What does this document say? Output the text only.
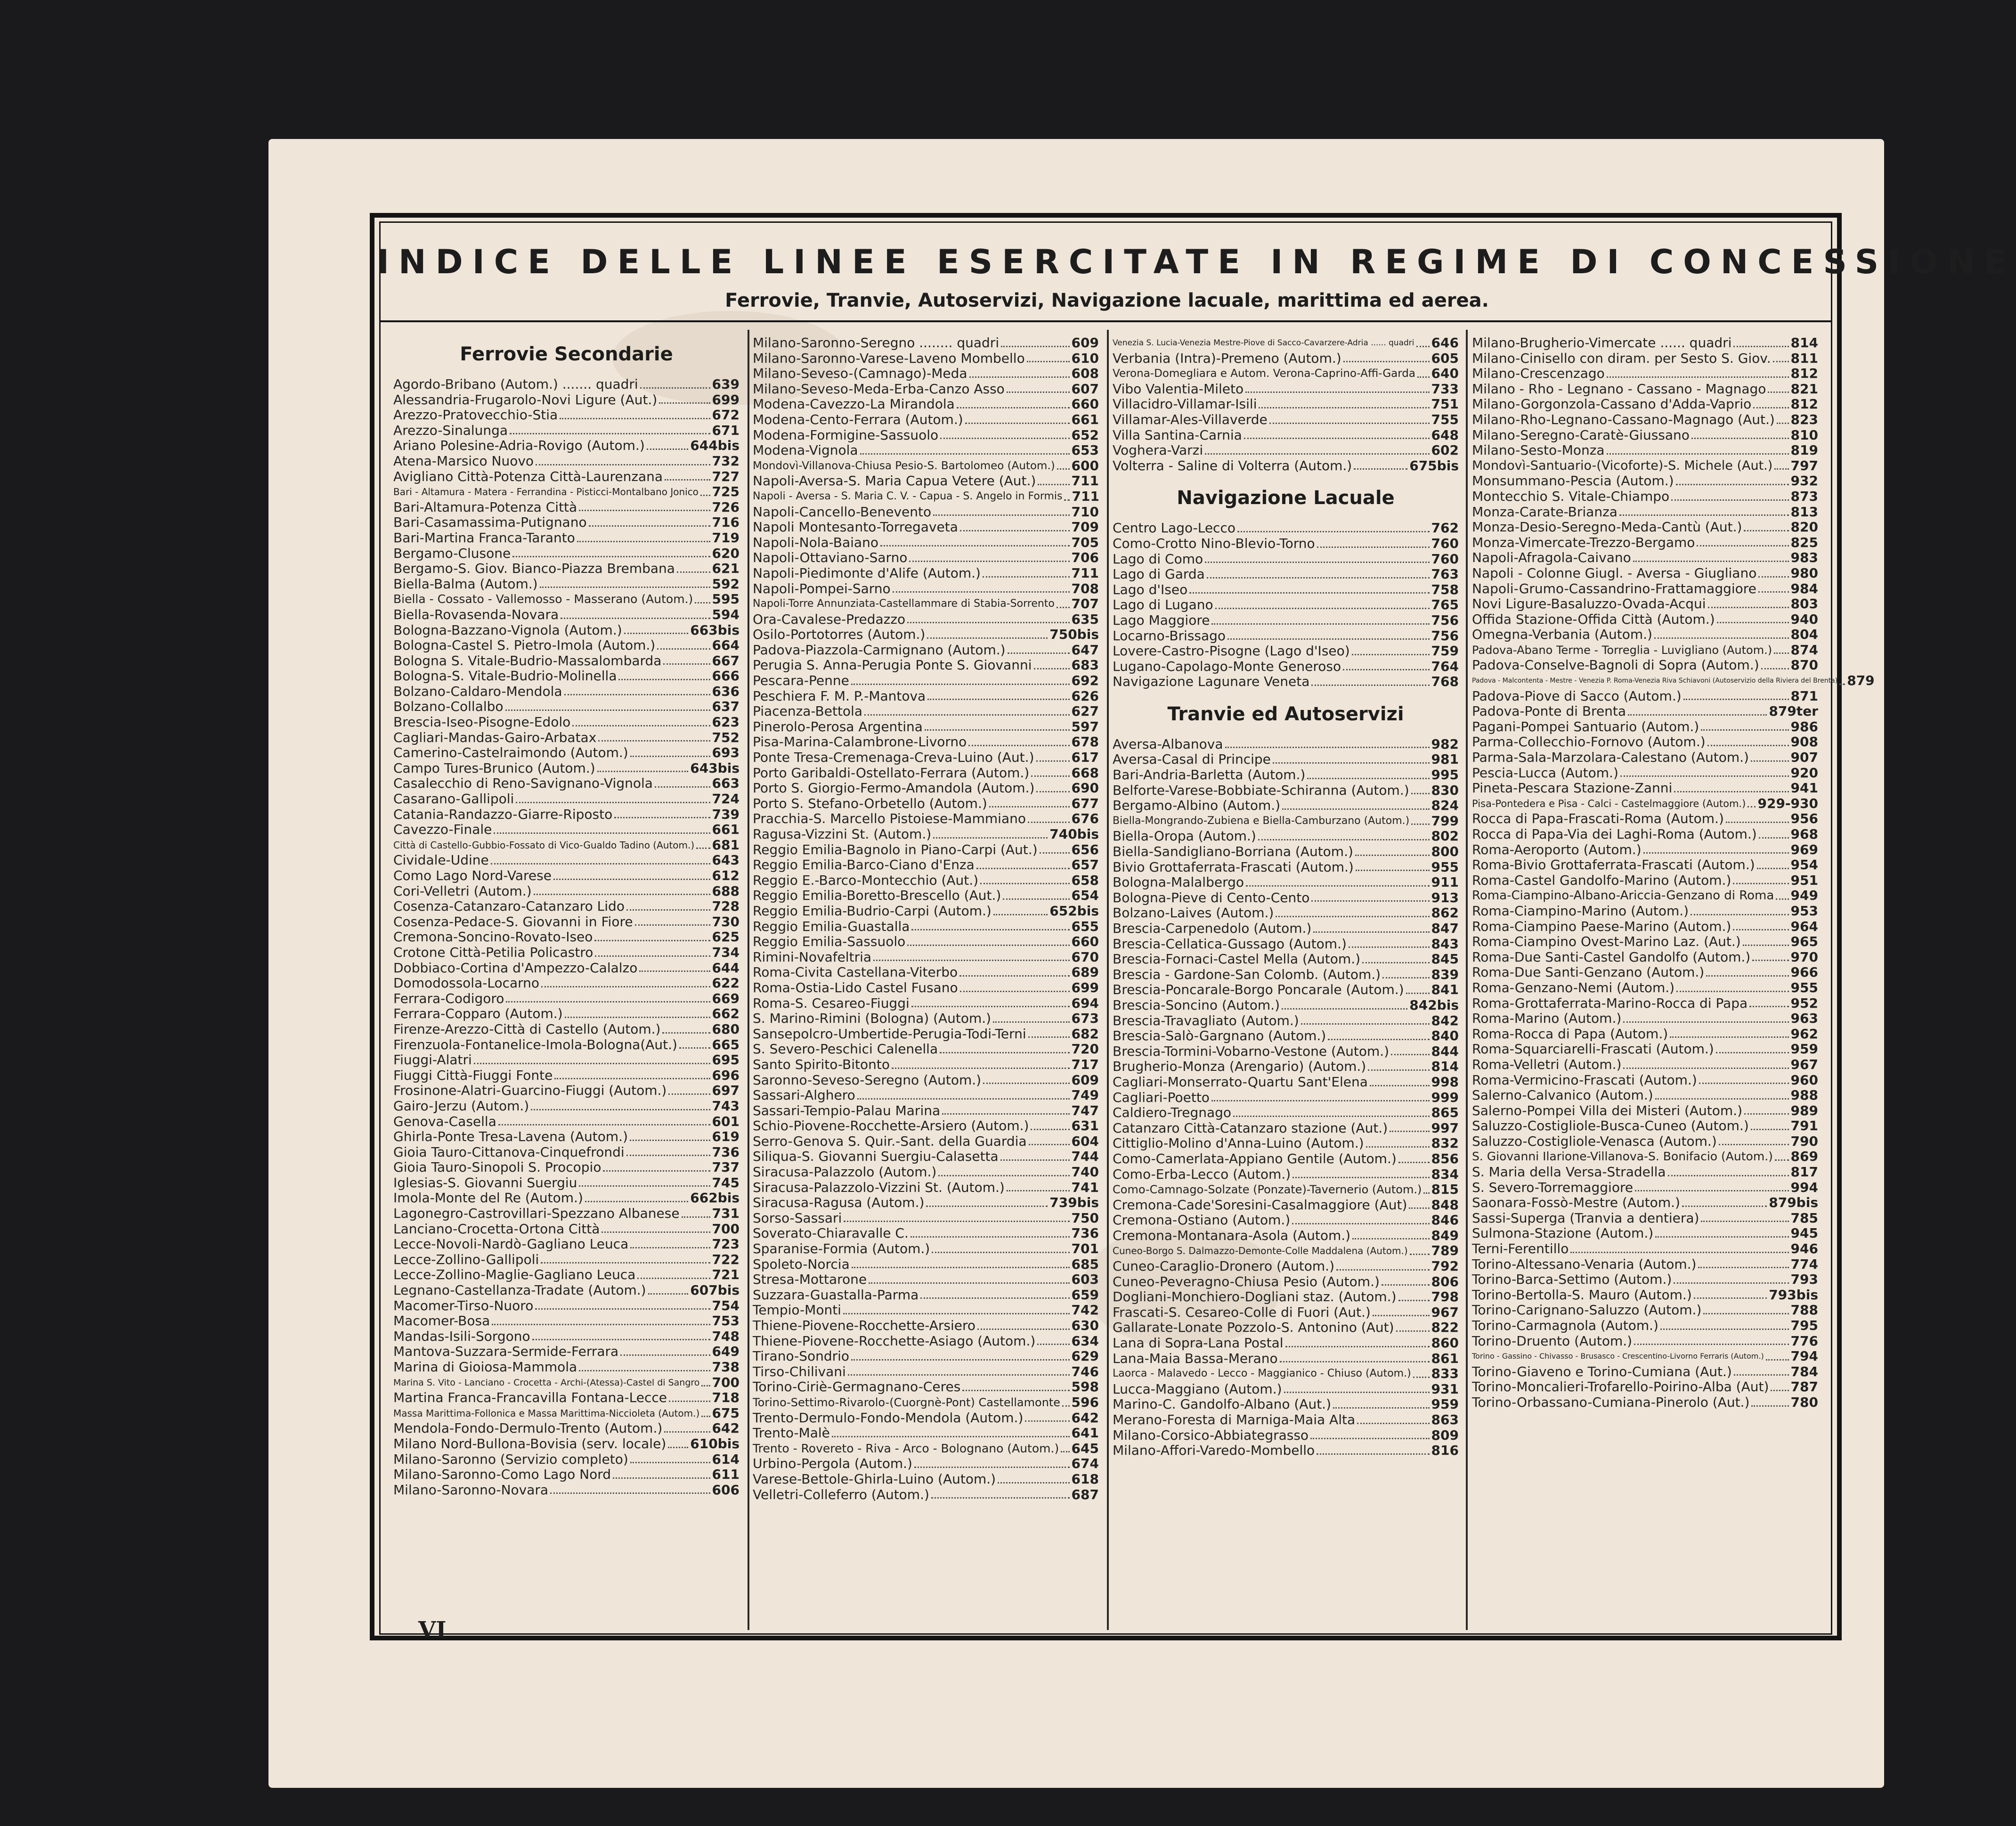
INDICE DELLE LINEE ESERCITATE IN REGIME DI CONCESSIONE
Ferrovie, Tranvie, Autoservizi, Navigazione lacuale, marittima ed aerea.
Ferrovie Secondarie
Agordo-Bribano (Autom.) ....... quadri	639
Alessandria-Frugarolo-Novi Ligure (Aut.)	699
Arezzo-Pratovecchio-Stia	672
Arezzo-Sinalunga	671
Ariano Polesine-Adria-Rovigo (Autom.)	644bis
Atena-Marsico Nuovo	732
Avigliano Città-Potenza Città-Laurenzana	727
Bari - Altamura - Matera - Ferrandina - Pisticci-Montalbano Jonico 725
Bari-Altamura-Potenza Città	726
Bari-Casamassima-Putignano	716
Bari-Martina Franca-Taranto	719
Bergamo-Clusone	620
Bergamo-S. Giov. Bianco-Piazza Brembana	621
Biella-Balma (Autom.)	592
Biella - Cossato - Vallemosso - Masserano (Autom.) 595
Biella-Rovasenda-Novara	594
Bologna-Bazzano-Vignola (Autom.)	663bis
Bologna-Castel S. Pietro-Imola (Autom.)	664
Bologna S. Vitale-Budrio-Massalombarda	667
Bologna-S. Vitale-Budrio-Molinella	666
Bolzano-Caldaro-Mendola	636
Bolzano-Collalbo	637
Brescia-Iseo-Pisogne-Edolo	623
Cagliari-Mandas-Gairo-Arbatax	752
Camerino-Castelraimondo (Autom.)	693
Campo Tures-Brunico (Autom.)	643bis
Casalecchio di Reno-Savignano-Vignola	663
Casarano-Gallipoli	724
Catania-Randazzo-Giarre-Riposto	739
Cavezzo-Finale	661
Città di Castello-Gubbio-Fossato di Vico-Gualdo Tadino (Autom.) 681
Cividale-Udine	643
Como Lago Nord-Varese	612
Cori-Velletri (Autom.)	688
Cosenza-Catanzaro-Catanzaro Lido	728
Cosenza-Pedace-S. Giovanni in Fiore	730
Cremona-Soncino-Rovato-Iseo	625
Crotone Città-Petilia Policastro	734
Dobbiaco-Cortina d'Ampezzo-Calalzo	644
Domodossola-Locarno	622
Ferrara-Codigoro	669
Ferrara-Copparo (Autom.)	662
Firenze-Arezzo-Città di Castello (Autom.)	680
Firenzuola-Fontanelice-Imola-Bologna(Aut.)	665
Fiuggi-Alatri	695
Fiuggi Città-Fiuggi Fonte	696
Frosinone-Alatri-Guarcino-Fiuggi (Autom.)	697
Gairo-Jerzu (Autom.)	743
Genova-Casella	601
Ghirla-Ponte Tresa-Lavena (Autom.)	619
Gioia Tauro-Cittanova-Cinquefrondi	736
Gioia Tauro-Sinopoli S. Procopio	737
Iglesias-S. Giovanni Suergiu	745
Imola-Monte del Re (Autom.)	662bis
Lagonegro-Castrovillari-Spezzano Albanese 731
Lanciano-Crocetta-Ortona Città	700
Lecce-Novoli-Nardò-Gagliano Leuca	723
Lecce-Zollino-Gallipoli	722
Lecce-Zollino-Maglie-Gagliano Leuca	721
Legnano-Castellanza-Tradate (Autom.)	607bis
Macomer-Tirso-Nuoro	754
Macomer-Bosa	753
Mandas-Isili-Sorgono	748
Mantova-Suzzara-Sermide-Ferrara	649
Marina di Gioiosa-Mammola	738
Marina S. Vito - Lanciano - Crocetta - Archi-(Atessa)-Castel di Sangro 700
Martina Franca-Francavilla Fontana-Lecce	718
Massa Marittima-Follonica e Massa Marittima-Niccioleta (Autom.) 675
Mendola-Fondo-Dermulo-Trento (Autom.)	642
Milano Nord-Bullona-Bovisia (serv. locale) 610bis
Milano-Saronno (Servizio completo)	614
Milano-Saronno-Como Lago Nord	611
Milano-Saronno-Novara	606
Milano-Saronno-Seregno ........ quadri	609
Milano-Saronno-Varese-Laveno Mombello	610
Milano-Seveso-(Camnago)-Meda	608
Milano-Seveso-Meda-Erba-Canzo Asso	607
Modena-Cavezzo-La Mirandola	660
Modena-Cento-Ferrara (Autom.)	661
Modena-Formigine-Sassuolo	652
Modena-Vignola	653
Mondovì-Villanova-Chiusa Pesio-S. Bartolomeo (Autom.) 600
Napoli-Aversa-S. Maria Capua Vetere (Aut.)	711
Napoli - Aversa - S. Maria C. V. - Capua - S. Angelo in Formis 711
Napoli-Cancello-Benevento	710
Napoli Montesanto-Torregaveta	709
Napoli-Nola-Baiano	705
Napoli-Ottaviano-Sarno	706
Napoli-Piedimonte d'Alife (Autom.)	711
Napoli-Pompei-Sarno	708
Napoli-Torre Annunziata-Castellammare di Stabia-Sorrento 707
Ora-Cavalese-Predazzo	635
Osilo-Portotorres (Autom.)	750bis
Padova-Piazzola-Carmignano (Autom.)	647
Perugia S. Anna-Perugia Ponte S. Giovanni	683
Pescara-Penne	692
Peschiera F. M. P.-Mantova	626
Piacenza-Bettola	627
Pinerolo-Perosa Argentina	597
Pisa-Marina-Calambrone-Livorno	678
Ponte Tresa-Cremenaga-Creva-Luino (Aut.)	617
Porto Garibaldi-Ostellato-Ferrara (Autom.)	668
Porto S. Giorgio-Fermo-Amandola (Autom.)	690
Porto S. Stefano-Orbetello (Autom.)	677
Pracchia-S. Marcello Pistoiese-Mammiano	676
Ragusa-Vizzini St. (Autom.)	740bis
Reggio Emilia-Bagnolo in Piano-Carpi (Aut.)	656
Reggio Emilia-Barco-Ciano d'Enza	657
Reggio E.-Barco-Montecchio (Aut.)	658
Reggio Emilia-Boretto-Brescello (Aut.)	654
Reggio Emilia-Budrio-Carpi (Autom.)	652bis
Reggio Emilia-Guastalla	655
Reggio Emilia-Sassuolo	660
Rimini-Novafeltria	670
Roma-Civita Castellana-Viterbo	689
Roma-Ostia-Lido Castel Fusano	699
Roma-S. Cesareo-Fiuggi	694
S. Marino-Rimini (Bologna) (Autom.)	673
Sansepolcro-Umbertide-Perugia-Todi-Terni	682
S. Severo-Peschici Calenella	720
Santo Spirito-Bitonto	717
Saronno-Seveso-Seregno (Autom.)	609
Sassari-Alghero	749
Sassari-Tempio-Palau Marina	747
Schio-Piovene-Rocchette-Arsiero (Autom.)	631
Serro-Genova S. Quir.-Sant. della Guardia	604
Siliqua-S. Giovanni Suergiu-Calasetta	744
Siracusa-Palazzolo (Autom.)	740
Siracusa-Palazzolo-Vizzini St. (Autom.)	741
Siracusa-Ragusa (Autom.)	739bis
Sorso-Sassari	750
Soverato-Chiaravalle C.	736
Sparanise-Formia (Autom.)	701
Spoleto-Norcia	685
Stresa-Mottarone	603
Suzzara-Guastalla-Parma	659
Tempio-Monti	742
Thiene-Piovene-Rocchette-Arsiero	630
Thiene-Piovene-Rocchette-Asiago (Autom.)	634
Tirano-Sondrio	629
Tirso-Chilivani	746
Torino-Ciriè-Germagnano-Ceres	598
Torino-Settimo-Rivarolo-(Cuorgnè-Pont) Castellamonte 596
Trento-Dermulo-Fondo-Mendola (Autom.)	642
Trento-Malè	641
Trento - Rovereto - Riva - Arco - Bolognano (Autom.) 645
Urbino-Pergola (Autom.)	674
Varese-Bettole-Ghirla-Luino (Autom.)	618
Velletri-Colleferro (Autom.)	687
Venezia S. Lucia-Venezia Mestre-Piove di Sacco-Cavarzere-Adria ...... quadri 646
Verbania (Intra)-Premeno (Autom.)	605
Verona-Domegliara e Autom. Verona-Caprino-Affi-Garda 640
Vibo Valentia-Mileto	733
Villacidro-Villamar-Isili	751
Villamar-Ales-Villaverde	755
Villa Santina-Carnia	648
Voghera-Varzi	602
Volterra - Saline di Volterra (Autom.)	675bis
Navigazione Lacuale
Centro Lago-Lecco	762
Como-Crotto Nino-Blevio-Torno	760
Lago di Como	760
Lago di Garda	763
Lago d'Iseo	758
Lago di Lugano	765
Lago Maggiore	756
Locarno-Brissago	756
Lovere-Castro-Pisogne (Lago d'Iseo)	759
Lugano-Capolago-Monte Generoso	764
Navigazione Lagunare Veneta	768
Tranvie ed Autoservizi
Aversa-Albanova	982
Aversa-Casal di Principe	981
Bari-Andria-Barletta (Autom.)	995
Belforte-Varese-Bobbiate-Schiranna (Autom.) 830
Bergamo-Albino (Autom.)	824
Biella-Mongrando-Zubiena e Biella-Camburzano (Autom.) 799
Biella-Oropa (Autom.)	802
Biella-Sandigliano-Borriana (Autom.)	800
Bivio Grottaferrata-Frascati (Autom.)	955
Bologna-Malalbergo	911
Bologna-Pieve di Cento-Cento	913
Bolzano-Laives (Autom.)	862
Brescia-Carpenedolo (Autom.)	847
Brescia-Cellatica-Gussago (Autom.)	843
Brescia-Fornaci-Castel Mella (Autom.)	845
Brescia - Gardone-San Colomb. (Autom.)	839
Brescia-Poncarale-Borgo Poncarale (Autom.) 841
Brescia-Soncino (Autom.)	842bis
Brescia-Travagliato (Autom.)	842
Brescia-Salò-Gargnano (Autom.)	840
Brescia-Tormini-Vobarno-Vestone (Autom.)	844
Brugherio-Monza (Arengario) (Autom.)	814
Cagliari-Monserrato-Quartu Sant'Elena	998
Cagliari-Poetto	999
Caldiero-Tregnago	865
Catanzaro Città-Catanzaro stazione (Aut.)	997
Cittiglio-Molino d'Anna-Luino (Autom.)	832
Como-Camerlata-Appiano Gentile (Autom.)	856
Como-Erba-Lecco (Autom.)	834
Como-Camnago-Solzate (Ponzate)-Tavernerio (Autom.) 815
Cremona-Cade'Soresini-Casalmaggiore (Aut) 848
Cremona-Ostiano (Autom.)	846
Cremona-Montanara-Asola (Autom.)	849
Cuneo-Borgo S. Dalmazzo-Demonte-Colle Maddalena (Autom.) 789
Cuneo-Caraglio-Dronero (Autom.)	792
Cuneo-Peveragno-Chiusa Pesio (Autom.)	806
Dogliani-Monchiero-Dogliani staz. (Autom.)	798
Frascati-S. Cesareo-Colle di Fuori (Aut.)	967
Gallarate-Lonate Pozzolo-S. Antonino (Aut)	822
Lana di Sopra-Lana Postal	860
Lana-Maia Bassa-Merano	861
Laorca - Malavedo - Lecco - Maggianico - Chiuso (Autom.) 833
Lucca-Maggiano (Autom.)	931
Marino-C. Gandolfo-Albano (Aut.)	959
Merano-Foresta di Marniga-Maia Alta	863
Milano-Corsico-Abbiategrasso	809
Milano-Affori-Varedo-Mombello	816
Milano-Brugherio-Vimercate ...... quadri	814
Milano-Cinisello con diram. per Sesto S. Giov. 811
Milano-Crescenzago	812
Milano - Rho - Legnano - Cassano - Magnago 821
Milano-Gorgonzola-Cassano d'Adda-Vaprio	812
Milano-Rho-Legnano-Cassano-Magnago (Aut.) 823
Milano-Seregno-Caratè-Giussano	810
Milano-Sesto-Monza	819
Mondovì-Santuario-(Vicoforte)-S. Michele (Aut.) 797
Monsummano-Pescia (Autom.)	932
Montecchio S. Vitale-Chiampo	873
Monza-Carate-Brianza	813
Monza-Desio-Seregno-Meda-Cantù (Aut.)	820
Monza-Vimercate-Trezzo-Bergamo	825
Napoli-Afragola-Caivano	983
Napoli - Colonne Giugl. - Aversa - Giugliano	980
Napoli-Grumo-Cassandrino-Frattamaggiore	984
Novi Ligure-Basaluzzo-Ovada-Acqui	803
Offida Stazione-Offida Città (Autom.)	940
Omegna-Verbania (Autom.)	804
Padova-Abano Terme - Torreglia - Luvigliano (Autom.) 874
Padova-Conselve-Bagnoli di Sopra (Autom.) 870
Padova - Malcontenta - Mestre - Venezia P. Roma-Venezia Riva Schiavoni (Autoservizio della Riviera del Brenta) 879
Padova-Piove di Sacco (Autom.)	871
Padova-Ponte di Brenta	879ter
Pagani-Pompei Santuario (Autom.)	986
Parma-Collecchio-Fornovo (Autom.)	908
Parma-Sala-Marzolara-Calestano (Autom.)	907
Pescia-Lucca (Autom.)	920
Pineta-Pescara Stazione-Zanni	941
Pisa-Pontedera e Pisa - Calci - Castelmaggiore (Autom.) 929-930
Rocca di Papa-Frascati-Roma (Autom.)	956
Rocca di Papa-Via dei Laghi-Roma (Autom.)	968
Roma-Aeroporto (Autom.)	969
Roma-Bivio Grottaferrata-Frascati (Autom.)	954
Roma-Castel Gandolfo-Marino (Autom.)	951
Roma-Ciampino-Albano-Ariccia-Genzano di Roma 949
Roma-Ciampino-Marino (Autom.)	953
Roma-Ciampino Paese-Marino (Autom.)	964
Roma-Ciampino Ovest-Marino Laz. (Aut.)	965
Roma-Due Santi-Castel Gandolfo (Autom.)	970
Roma-Due Santi-Genzano (Autom.)	966
Roma-Genzano-Nemi (Autom.)	955
Roma-Grottaferrata-Marino-Rocca di Papa	952
Roma-Marino (Autom.)	963
Roma-Rocca di Papa (Autom.)	962
Roma-Squarciarelli-Frascati (Autom.)	959
Roma-Velletri (Autom.)	967
Roma-Vermicino-Frascati (Autom.)	960
Salerno-Calvanico (Autom.)	988
Salerno-Pompei Villa dei Misteri (Autom.)	989
Saluzzo-Costigliole-Busca-Cuneo (Autom.)	791
Saluzzo-Costigliole-Venasca (Autom.)	790
S. Giovanni Ilarione-Villanova-S. Bonifacio (Autom.) 869
S. Maria della Versa-Stradella	817
S. Severo-Torremaggiore	994
Saonara-Fossò-Mestre (Autom.)	879bis
Sassi-Superga (Tranvia a dentiera)	785
Sulmona-Stazione (Autom.)	945
Terni-Ferentillo	946
Torino-Altessano-Venaria (Autom.)	774
Torino-Barca-Settimo (Autom.)	793
Torino-Bertolla-S. Mauro (Autom.)	793bis
Torino-Carignano-Saluzzo (Autom.)	788
Torino-Carmagnola (Autom.)	795
Torino-Druento (Autom.)	776
Torino - Gassino - Chivasso - Brusasco - Crescentino-Livorno Ferraris (Autom.) 794
Torino-Giaveno e Torino-Cumiana (Aut.)	784
Torino-Moncalieri-Trofarello-Poirino-Alba (Aut) 787
Torino-Orbassano-Cumiana-Pinerolo (Aut.)	780
VI
